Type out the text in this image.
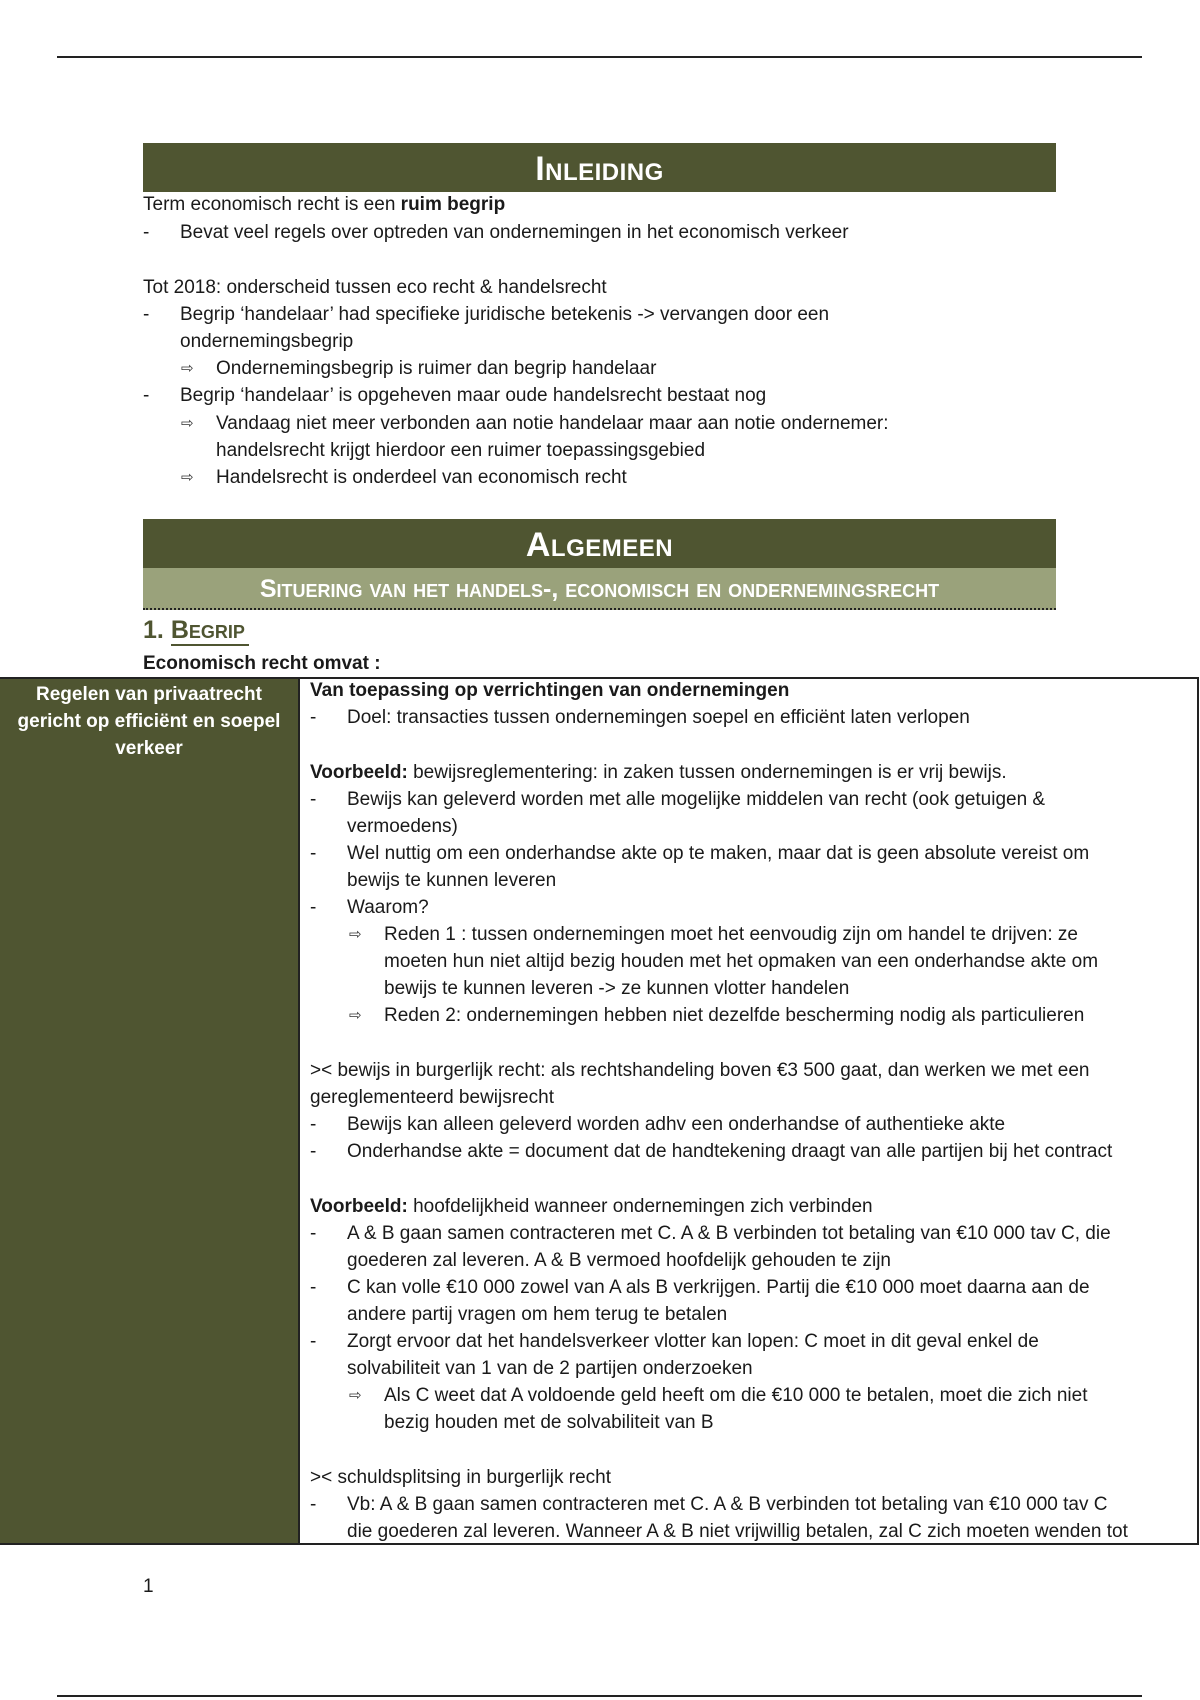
Inleiding
Term economisch recht is een ruim begrip
- Bevat veel regels over optreden van ondernemingen in het economisch verkeer
Tot 2018: onderscheid tussen eco recht & handelsrecht
- Begrip ‘handelaar’ had specifieke juridische betekenis -> vervangen door een
ondernemingsbegrip
⇨ Ondernemingsbegrip is ruimer dan begrip handelaar
- Begrip ‘handelaar’ is opgeheven maar oude handelsrecht bestaat nog
⇨ Vandaag niet meer verbonden aan notie handelaar maar aan notie ondernemer:
handelsrecht krijgt hierdoor een ruimer toepassingsgebied
⇨ Handelsrecht is onderdeel van economisch recht
Algemeen
Situering van het handels-, economisch en ondernemingsrecht
1. Begrip
Economisch recht omvat :
Regelen van privaatrecht
gericht op efficiënt en soepel
verkeer
Van toepassing op verrichtingen van ondernemingen
- Doel: transacties tussen ondernemingen soepel en efficiënt laten verlopen
Voorbeeld: bewijsreglementering: in zaken tussen ondernemingen is er vrij bewijs.
- Bewijs kan geleverd worden met alle mogelijke middelen van recht (ook getuigen &
vermoedens)
- Wel nuttig om een onderhandse akte op te maken, maar dat is geen absolute vereist om
bewijs te kunnen leveren
- Waarom?
⇨ Reden 1 : tussen ondernemingen moet het eenvoudig zijn om handel te drijven: ze
moeten hun niet altijd bezig houden met het opmaken van een onderhandse akte om
bewijs te kunnen leveren -> ze kunnen vlotter handelen
⇨ Reden 2: ondernemingen hebben niet dezelfde bescherming nodig als particulieren
>< bewijs in burgerlijk recht: als rechtshandeling boven €3 500 gaat, dan werken we met een
gereglementeerd bewijsrecht
- Bewijs kan alleen geleverd worden adhv een onderhandse of authentieke akte
- Onderhandse akte = document dat de handtekening draagt van alle partijen bij het contract
Voorbeeld: hoofdelijkheid wanneer ondernemingen zich verbinden
- A & B gaan samen contracteren met C. A & B verbinden tot betaling van €10 000 tav C, die
goederen zal leveren. A & B vermoed hoofdelijk gehouden te zijn
- C kan volle €10 000 zowel van A als B verkrijgen. Partij die €10 000 moet daarna aan de
andere partij vragen om hem terug te betalen
- Zorgt ervoor dat het handelsverkeer vlotter kan lopen: C moet in dit geval enkel de
solvabiliteit van 1 van de 2 partijen onderzoeken
⇨ Als C weet dat A voldoende geld heeft om die €10 000 te betalen, moet die zich niet
bezig houden met de solvabiliteit van B
>< schuldsplitsing in burgerlijk recht
- Vb: A & B gaan samen contracteren met C. A & B verbinden tot betaling van €10 000 tav C
die goederen zal leveren. Wanneer A & B niet vrijwillig betalen, zal C zich moeten wenden tot
1
